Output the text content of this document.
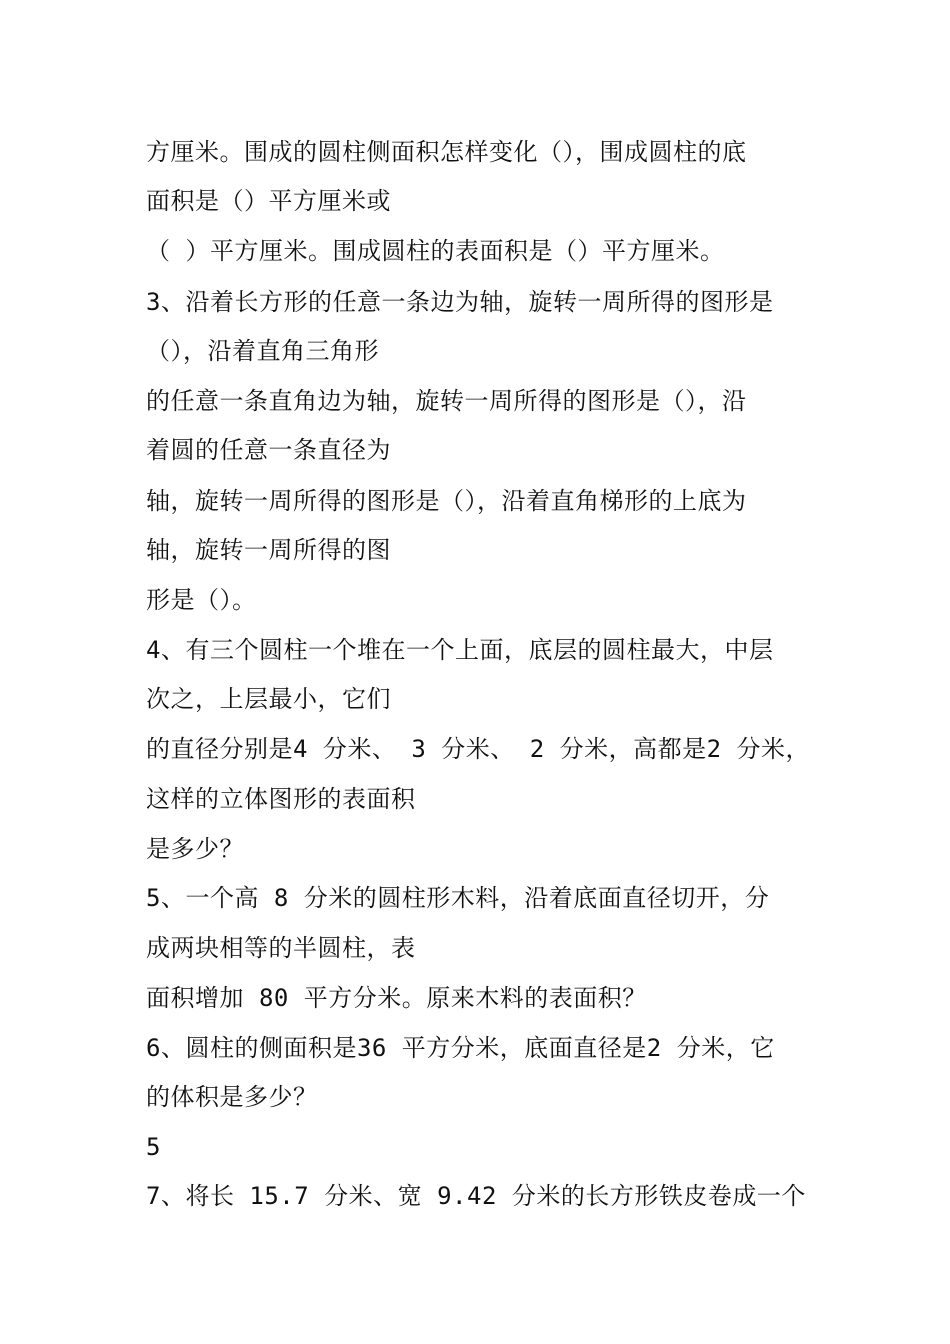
方厘米。围成的圆柱侧面积怎样变化（），围成圆柱的底

面积是（）平方厘米或

（ ）平方厘米。围成圆柱的表面积是（）平方厘米。

3、沿着长方形的任意一条边为轴，旋转一周所得的图形是

（），沿着直角三角形

的任意一条直角边为轴，旋转一周所得的图形是（），沿

着圆的任意一条直径为

轴，旋转一周所得的图形是（），沿着直角梯形的上底为

轴，旋转一周所得的图

形是（）。

4、有三个圆柱一个堆在一个上面，底层的圆柱最大，中层

次之，上层最小，它们

的直径分别是4 分米、 3 分米、 2 分米，高都是2 分米，

这样的立体图形的表面积

是多少？

5、一个高 8 分米的圆柱形木料，沿着底面直径切开，分

成两块相等的半圆柱，表

面积增加 80 平方分米。原来木料的表面积？

6、圆柱的侧面积是36 平方分米，底面直径是2 分米，它

的体积是多少？

5

7、将长 15.7 分米、宽 9.42 分米的长方形铁皮卷成一个
